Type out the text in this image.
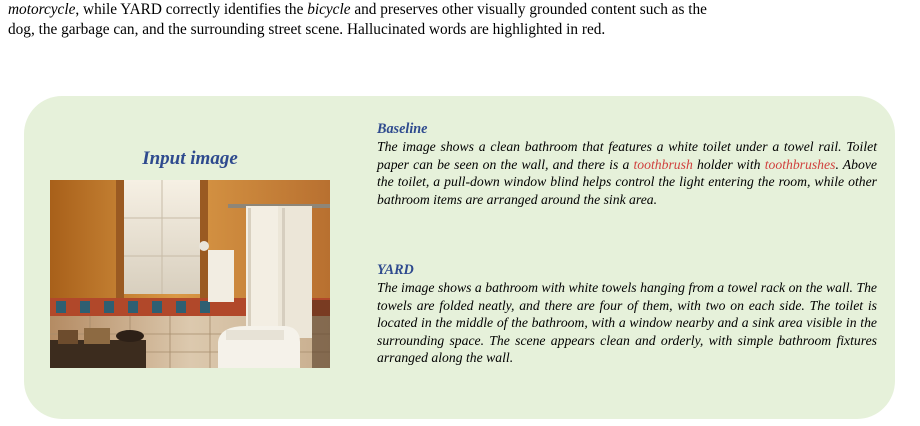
motorcycle, while YARD correctly identifies the bicycle and preserves other visually grounded content such as the
dog, the garbage can, and the surrounding street scene. Hallucinated words are highlighted in red.

Input image

Baseline
The image shows a clean bathroom that features a white toilet under a towel rail. Toilet paper can be seen on the wall, and there is a toothbrush holder with toothbrushes. Above the toilet, a pull-down window blind helps control the light entering the room, while other bathroom items are arranged around the sink area.
YARD
The image shows a bathroom with white towels hanging from a towel rack on the wall. The towels are folded neatly, and there are four of them, with two on each side. The toilet is located in the middle of the bathroom, with a window nearby and a sink area visible in the surrounding space. The scene appears clean and orderly, with simple bathroom fixtures arranged along the wall.
